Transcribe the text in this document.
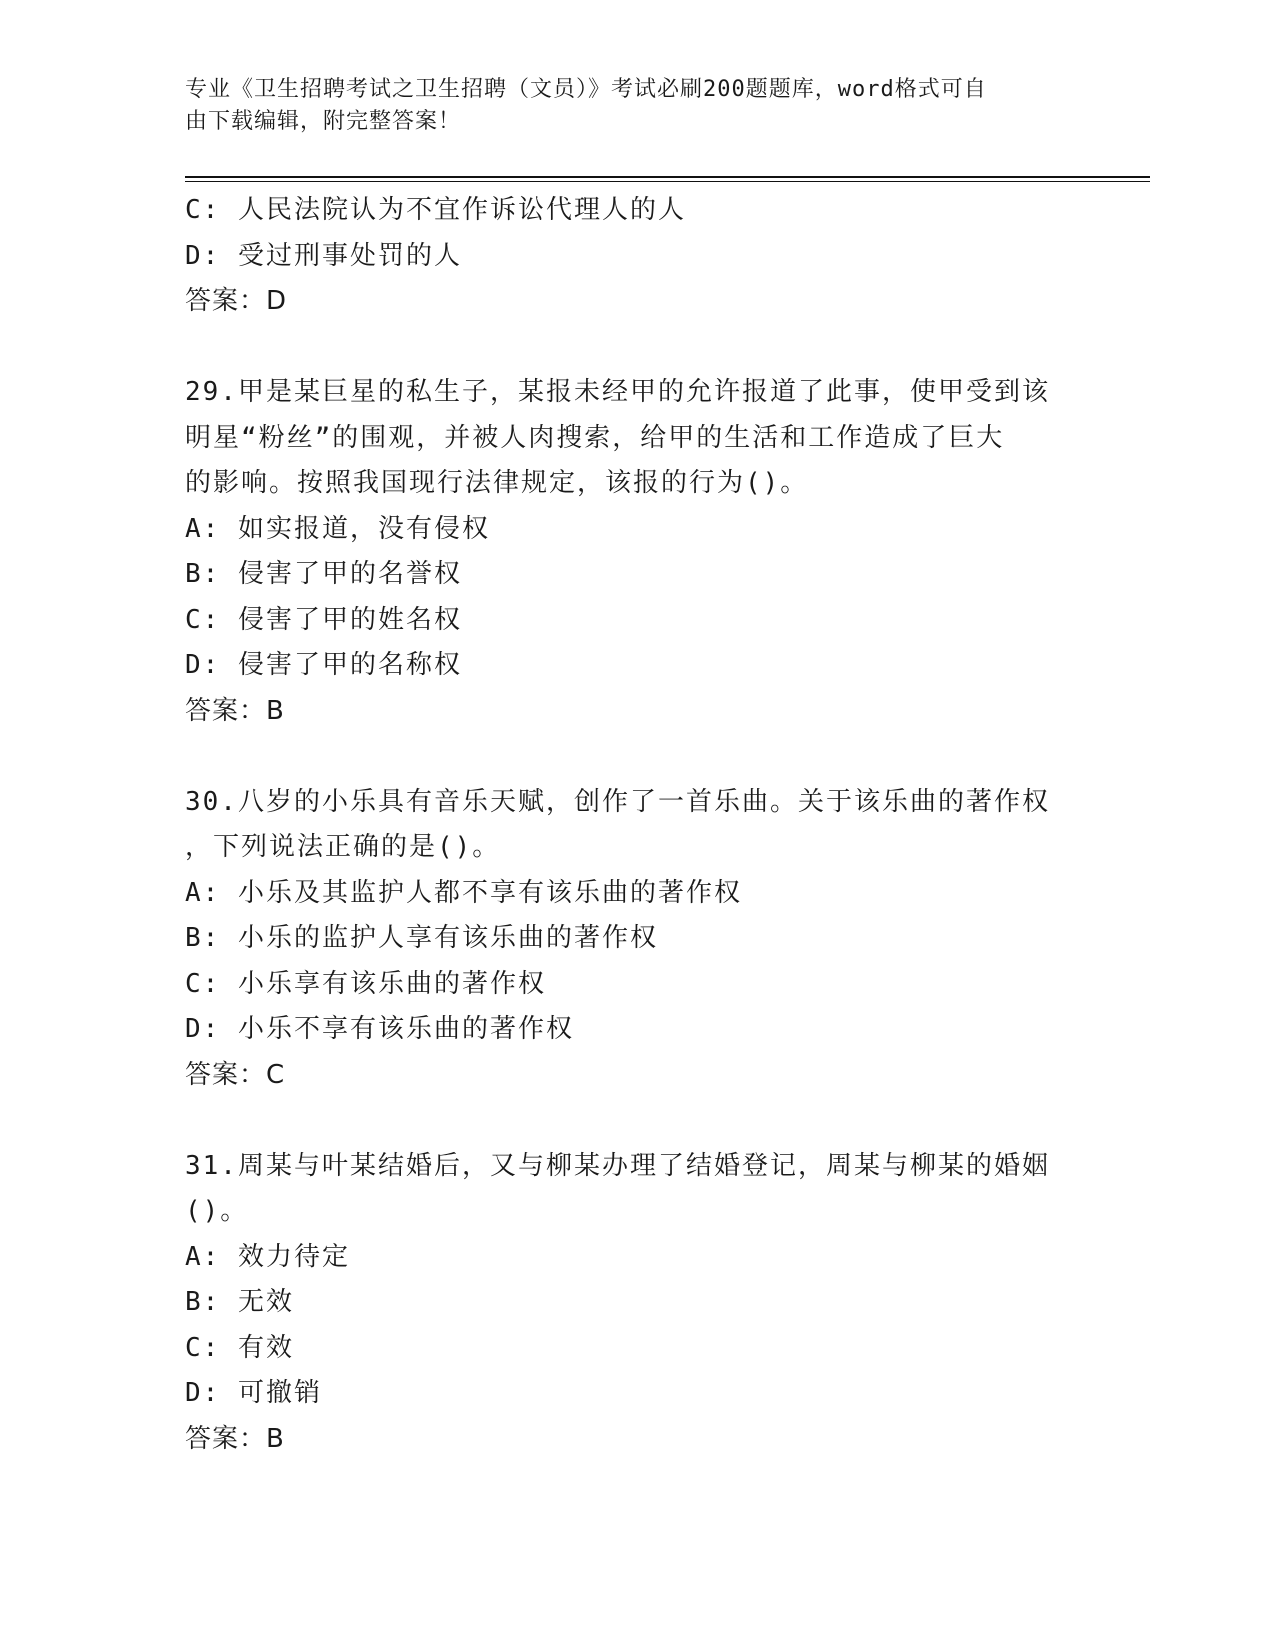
专业《卫生招聘考试之卫生招聘（文员）》考试必刷200题题库，word格式可自
由下载编辑，附完整答案！
C: 人民法院认为不宜作诉讼代理人的人
D: 受过刑事处罚的人
答案：D
29.甲是某巨星的私生子，某报未经甲的允许报道了此事，使甲受到该
明星“粉丝”的围观，并被人肉搜索，给甲的生活和工作造成了巨大
的影响。按照我国现行法律规定，该报的行为()。
A: 如实报道，没有侵权
B: 侵害了甲的名誉权
C: 侵害了甲的姓名权
D: 侵害了甲的名称权
答案：B
30.八岁的小乐具有音乐天赋，创作了一首乐曲。关于该乐曲的著作权
，下列说法正确的是()。
A: 小乐及其监护人都不享有该乐曲的著作权
B: 小乐的监护人享有该乐曲的著作权
C: 小乐享有该乐曲的著作权
D: 小乐不享有该乐曲的著作权
答案：C
31.周某与叶某结婚后，又与柳某办理了结婚登记，周某与柳某的婚姻
()。
A: 效力待定
B: 无效
C: 有效
D: 可撤销
答案：B
